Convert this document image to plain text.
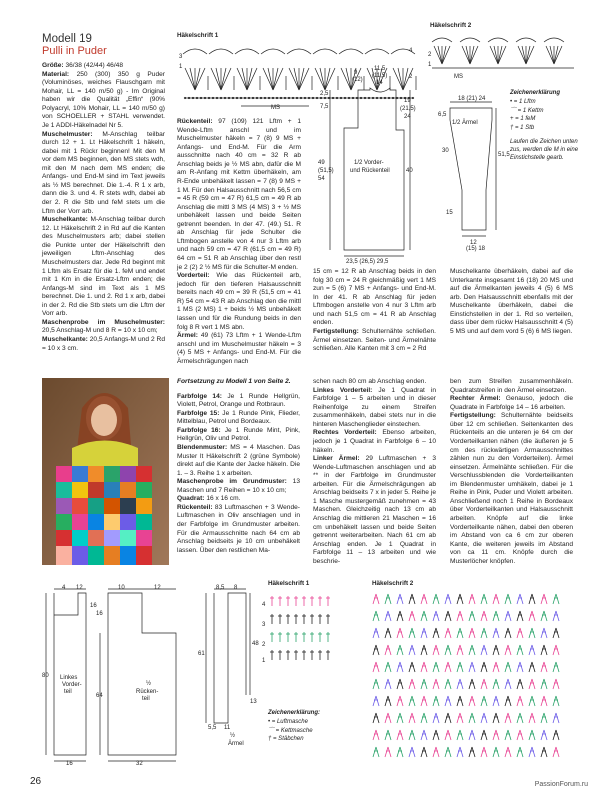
Modell 19
Pulli in Puder

Größe: 36/38 (42/44) 46/48

Material: 250 (300) 350 g Puder (Voluminöses, weiches Flauschgarn mit Mohair, LL = 140 m/50 g) - Im Original haben wir die Qualität „Effin“ (90% Polyacryl, 10% Mohair, LL = 140 m/50 g) von SCHOELLER + STAHL verwendet. Je 1 ADDI-Häkelnadel Nr 5.

Muschelmuster: M-Anschlag teilbar durch 12 + 1. Lt Häkelschrift 1 häkeln, dabei mit 1 Rückr beginnen! Mit den M vor dem MS beginnen, den MS stets wdh, mit den M nach dem MS enden; die Anfangs- und End-M sind im Text jeweils als ½ MS berechnet. Die 1.-4. R 1 x arb, dann die 3. und 4. R stets wdh, dabei ab der 2. R die Stb und feM stets um die Lftm der Vorr arb.

Muschelkante: M-Anschlag teilbar durch 12. Lt Häkelschrift 2 in Rd auf die Kanten des Muschelmusters arb; dabei stellen die Punkte unter der Häkelschrift den jeweiligen Lftm-Anschlag des Muschelmusters dar. Jede Rd beginnt mit 1 Lftm als Ersatz für die 1. feM und endet mit 1 Km in die Ersatz-Lftm enden; die Anfangs-M sind im Text als 1 MS berechnet. Die 1. und 2. Rd 1 x arb, dabei in der 2. Rd die Stb stets um die Lftm der Vorr arb.

Maschenprobe im Muschelmuster: 20,5 Anschlag-M und 8 R = 10 x 10 cm;

Muschelkante: 20,5 Anfangs-M und 2 Rd = 10 x 3 cm.

Rückenteil: 97 (109) 121 Lftm + 1 Wende-Lftm anschl und im Muschelmuster häkeln = 7 (8) 9 MS + Anfangs- und End-M. Für die Arm ausschnitte nach 40 cm = 32 R ab Anschlag beids je ½ MS abn, dafür die M am R-Anfang mit Kettm überhäkeln, am R-Ende unbehäkelt lassen = 7 (8) 9 MS + 1 M. Für den Halsausschnitt nach 56,5 cm = 45 R (59 cm = 47 R) 61,5 cm = 49 R ab Anschlag die mittl 3 MS (4 MS) 3 + ½ MS unbehäkelt lassen und beide Seiten getrennt beenden. In der 47. (49.) 51. R ab Anschlag für jede Schulter die Lftmbogen anstelle von 4 nur 3 Lftm arb und nach 59 cm = 47 R (61,5 cm = 49 R) 64 cm = 51 R ab Anschlag über den restl je 2 (2) 2 ½ MS für die Schulter-M enden.

Vorderteil: Wie das Rückenteil arb, jedoch für den tieferen Halsausschnitt bereits nach 49 cm = 39 R (51,5 cm = 41 R) 54 cm = 43 R ab Anschlag den die mittl 1 MS (2 MS) 1 + beids ½ MS unbehäkelt lassen und für die Rundung beids in den folg 8 R vert 1 MS abn.

Ärmel: 49 (61) 73 Lftm + 1 Wende-Lftm anschl und im Muschelmuster häkeln = 3 (4) 5 MS + Anfangs- und End-M. Für die Ärmelschrägungen nach

15 cm = 12 R ab Anschlag beids in den folg 30 cm = 24 R gleichmäßig vert 1 MS zun = 5 (6) 7 MS + Anfangs- und End-M. In der 41. R ab Anschlag für jeden Lftmbogen anstelle von 4 nur 3 Lftm arb und nach 51,5 cm = 41 R ab Anschlag enden.

Fertigstellung: Schulternähte schließen. Ärmel einsetzen. Seiten- und Ärmelnähte schließen. Alle Kanten mit 3 cm = 2 Rd

Muschelkante überhäkeln, dabei auf die Unterkante insgesamt 16 (18) 20 MS und auf die Ärmelkanten jeweils 4 (5) 6 MS arb. Den Halsausschnitt ebenfalls mit der Muschelkante überhäkeln, dabei die Einstichstellen in der 1. Rd so verteilen, dass über dem rückw Halsausschnitt 4 (5) 5 MS und auf dem vord 5 (6) 6 MS liegen.

Häkelschrift 1
MS
3
1
4
2
Häkelschrift 2
MS
2
1
Zeichenerklärung
• = 1 Lftm
⌒ = 1 Kettm
+ = 1 feM
† = 1 Stb
Laufen die Zeichen unten zus, werden die M in eine Einstichstelle gearb.
2,5
7,5
49
(51,5)
54
9
(12)
11,5
(11,5)
14
19
(21,5)
24
40
1/2 Vorder-
und Rückenteil
23,5 (26,5) 29,5
18 (21) 24
6,5
1/2 Ärmel
30
51,5
15
12
(15) 18

Fortsetzung zu Modell 1 von Seite 2.

Farbfolge 14: Je 1 Runde Hellgrün, Violett, Petrol, Orange und Rotbraun.

Farbfolge 15: Je 1 Runde Pink, Flieder, Mittelblau, Petrol und Bordeaux.

Farbfolge 16: Je 1 Runde Mint, Pink, Hellgrün, Oliv und Petrol.

Blendenmuster: MS = 4 Maschen. Das Muster lt Häkelschrift 2 (grüne Symbole) direkt auf die Kante der Jacke häkeln. Die 1. – 3. Reihe 1 x arbeiten.

Maschenprobe im Grundmuster: 13 Maschen und 7 Reihen = 10 x 10 cm;

Quadrat: 16 x 16 cm.

Rückenteil: 83 Luftmaschen + 3 Wende-Luftmaschen in Oliv anschlagen und in der Farbfolge im Grundmuster arbeiten. Für die Armausschnitte nach 64 cm ab Anschlag beidseits je 10 cm unbehäkelt lassen. Über den restlichen Ma-

schen nach 80 cm ab Anschlag enden.

Linkes Vorderteil: Je 1 Quadrat in Farbfolge 1 – 5 arbeiten und in dieser Reihenfolge zu einem Streifen zusammenhäkeln, dabei stets nur in die hinteren Maschenglieder einstechen.

Rechtes Vorderteil: Ebenso arbeiten, jedoch je 1 Quadrat in Farbfolge 6 – 10 häkeln.

Linker Ärmel: 29 Luftmaschen + 3 Wende-Luftmaschen anschlagen und ab ** in der Farbfolge im Grundmuster arbeiten. Für die Ärmelschrägungen ab Anschlag beidseits 7 x in jeder 5. Reihe je 1 Masche mustergemäß zunehmen = 43 Maschen. Gleichzeitig nach 13 cm ab Anschlag die mittleren 21 Maschen = 16 cm unbehäkelt lassen und beide Seiten getrennt weiterarbeiten. Nach 61 cm ab Anschlag enden. Je 1 Quadrat in Farbfolge 11 – 13 arbeiten und wie beschrie-

ben zum Streifen zusammenhäkeln. Quadratstreifen in den Ärmel einsetzen.

Rechter Ärmel: Genauso, jedoch die Quadrate in Farbfolge 14 – 16 arbeiten.

Fertigstellung: Schulternähte beidseits über 12 cm schließen. Seitenkanten des Rückenteils an die unteren je 64 cm der Vorderteilkanten nähen (die äußeren je 5 cm des rückwärtigen Armausschnittes zählen nun zu den Vorderteilen). Ärmel einsetzen. Ärmelnähte schließen. Für die Verschlussblenden die Vorderteilkanten im Blendenmuster umhäkeln, dabei je 1 Reihe in Pink, Puder und Violett arbeiten. Anschließend noch 1 Reihe in Bordeaux über Vorderteilkanten und Halsausschnitt arbeiten. Knöpfe auf die linke Vorderteilkante nähen, dabei den oberen im Abstand von ca 6 cm zur oberen Kante, die weiteren jeweils im Abstand von ca 11 cm. Knöpfe durch die Musterlöcher knöpfen.

4 12
16
80 Linkes
Vorder-
teil
16
10	12
16
64
½
Rücken-
teil
32
8,5 8
48
61
13
5,5 11
½
Ärmel
Häkelschrift 1
4
3
2
1
Zeichenerklärung:
• = Luftmasche
⌒ = Kettmasche
† = Stäbchen
Häkelschrift 2
26	PassionForum.ru
